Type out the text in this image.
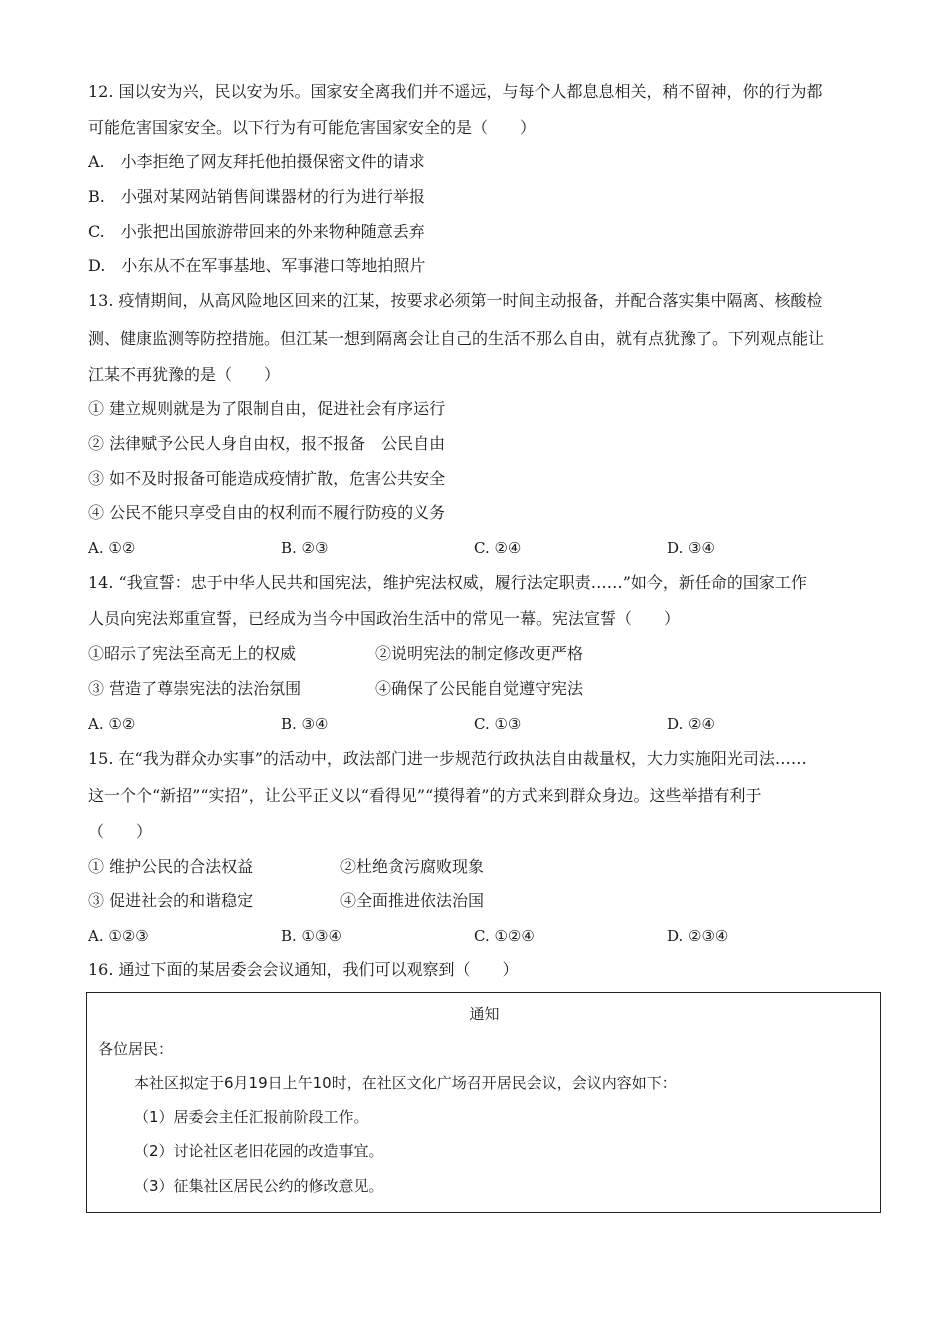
12. 国以安为兴，民以安为乐。国家安全离我们并不遥远，与每个人都息息相关，稍不留神，你的行为都
可能危害国家安全。以下行为有可能危害国家安全的是（　　）
A.　小李拒绝了网友拜托他拍摄保密文件的请求
B.　小强对某网站销售间谍器材的行为进行举报
C.　小张把出国旅游带回来的外来物种随意丢弃
D.　小东从不在军事基地、军事港口等地拍照片
13. 疫情期间，从高风险地区回来的江某，按要求必须第一时间主动报备，并配合落实集中隔离、核酸检
测、健康监测等防控措施。但江某一想到隔离会让自己的生活不那么自由，就有点犹豫了。下列观点能让
江某不再犹豫的是（　　）
① 建立规则就是为了限制自由，促进社会有序运行
② 法律赋予公民人身自由权，报不报备　公民自由
③ 如不及时报备可能造成疫情扩散，危害公共安全
④ 公民不能只享受自由的权利而不履行防疫的义务
A. ①②	B. ②③	C. ②④	D. ③④
14. “我宣誓：忠于中华人民共和国宪法，维护宪法权威，履行法定职责……”如今，新任命的国家工作
人员向宪法郑重宣誓，已经成为当今中国政治生活中的常见一幕。宪法宣誓（　　）
①昭示了宪法至高无上的权威	②说明宪法的制定修改更严格
③ 营造了尊崇宪法的法治氛围	④确保了公民能自觉遵守宪法
A. ①②	B. ③④	C. ①③	D. ②④
15. 在“我为群众办实事”的活动中，政法部门进一步规范行政执法自由裁量权，大力实施阳光司法……
这一个个“新招”“实招”，让公平正义以“看得见”“摸得着”的方式来到群众身边。这些举措有利于
（　　）
① 维护公民的合法权益	②杜绝贪污腐败现象
③ 促进社会的和谐稳定	④全面推进依法治国
A. ①②③	B. ①③④	C. ①②④	D. ②③④
16. 通过下面的某居委会会议通知，我们可以观察到（　　）
通知
各位居民：
本社区拟定于6月19日上午10时，在社区文化广场召开居民会议，会议内容如下：
（1）居委会主任汇报前阶段工作。
（2）讨论社区老旧花园的改造事宜。
（3）征集社区居民公约的修改意见。
